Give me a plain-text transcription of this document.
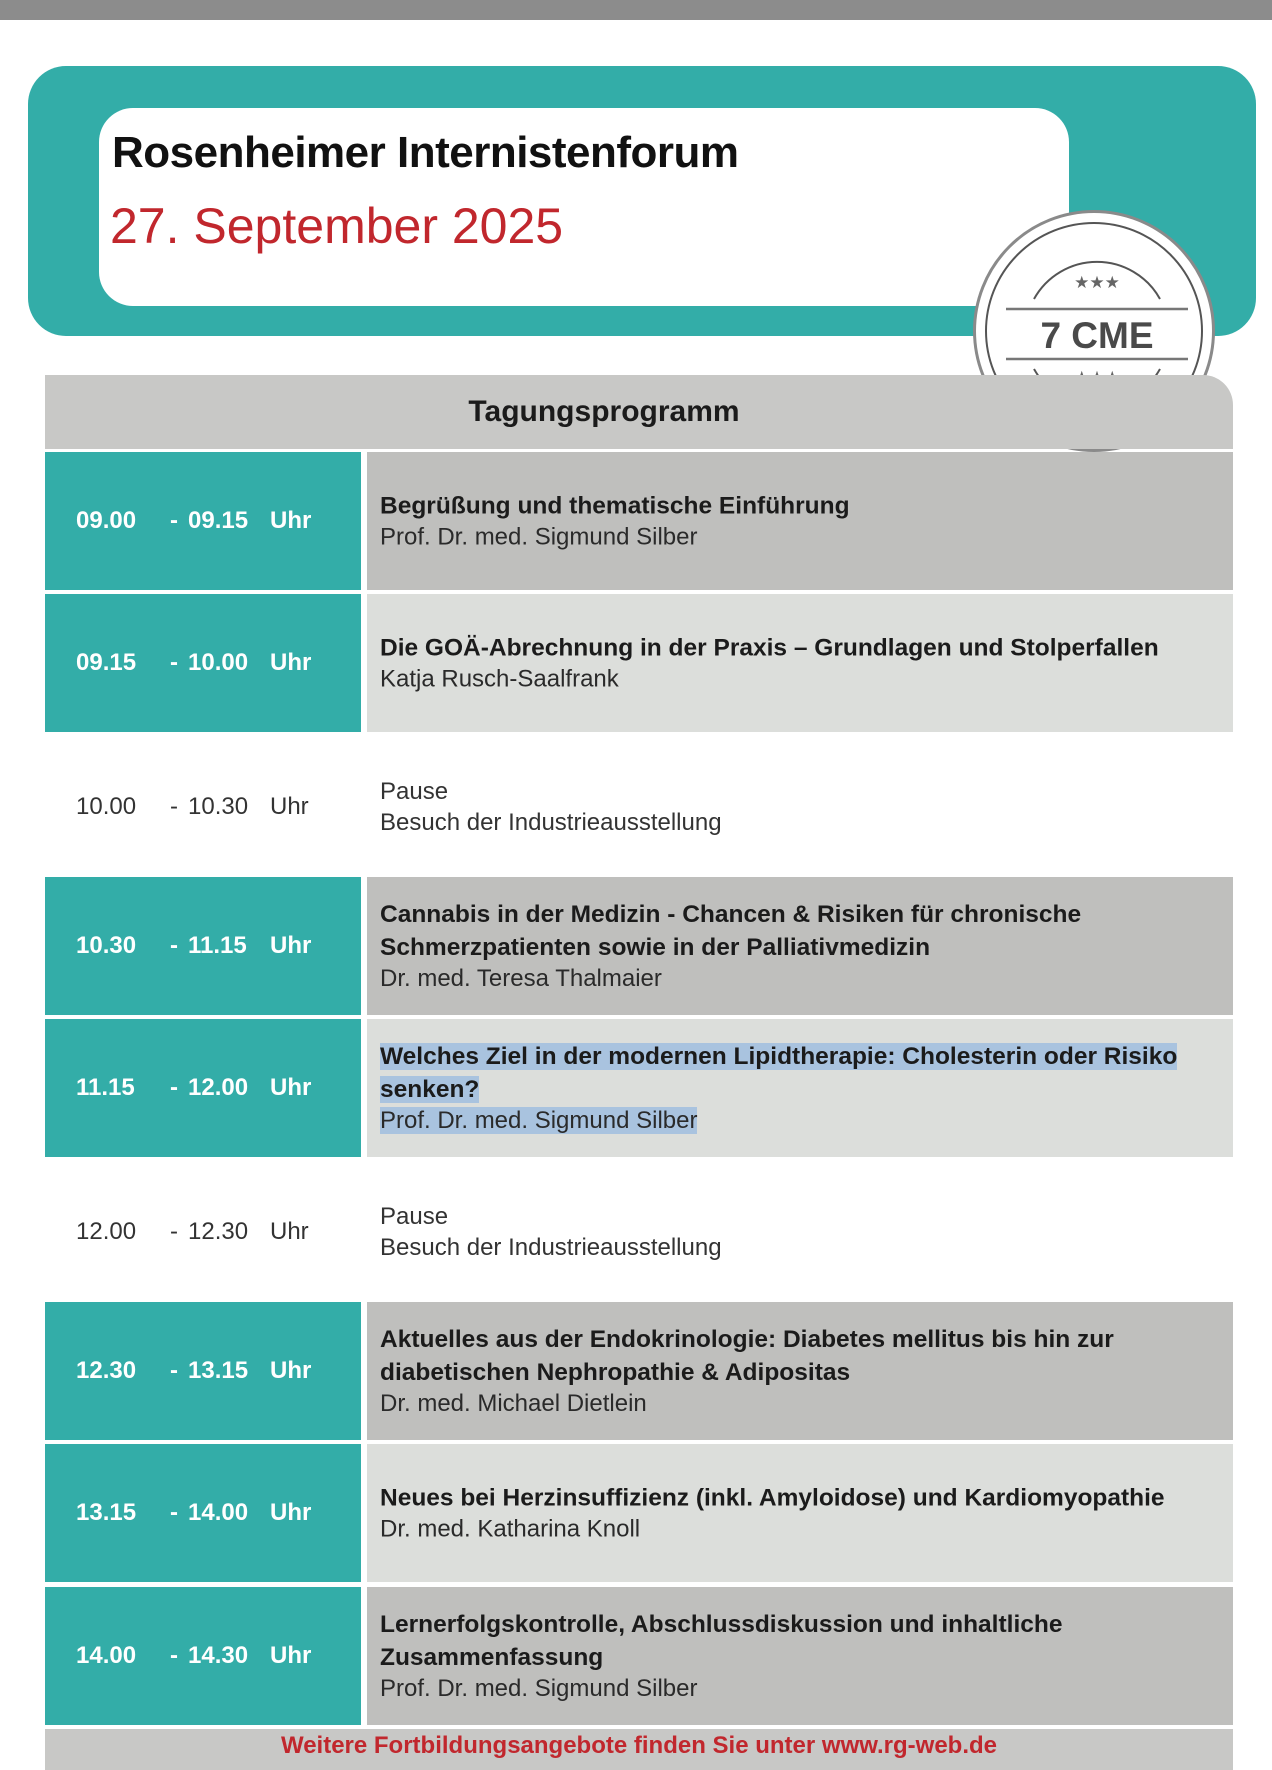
Rosenheimer Internistenforum
27. September 2025
★★★
7 CME
Tagungsprogramm
09.00	- 09.15 Uhr
Begrüßung und thematische Einführung
Prof. Dr. med. Sigmund Silber
09.15	- 10.00 Uhr
Die GOÄ-Abrechnung in der Praxis – Grundlagen und Stolperfallen
Katja Rusch-Saalfrank
10.00	- 10.30 Uhr
Pause
Besuch der Industrieausstellung
10.30	- 11.15 Uhr
Cannabis in der Medizin - Chancen & Risiken für chronische Schmerzpatienten sowie in der Palliativmedizin
Dr. med. Teresa Thalmaier
11.15	- 12.00 Uhr
Welches Ziel in der modernen Lipidtherapie: Cholesterin oder Risiko senken?
Prof. Dr. med. Sigmund Silber
12.00	- 12.30 Uhr
Pause
Besuch der Industrieausstellung
12.30	- 13.15 Uhr
Aktuelles aus der Endokrinologie: Diabetes mellitus bis hin zur diabetischen Nephropathie & Adipositas
Dr. med. Michael Dietlein
13.15	- 14.00 Uhr
Neues bei Herzinsuffizienz (inkl. Amyloidose) und Kardiomyopathie
Dr. med. Katharina Knoll
14.00	- 14.30 Uhr
Lernerfolgskontrolle, Abschlussdiskussion und inhaltliche Zusammenfassung
Prof. Dr. med. Sigmund Silber
Weitere Fortbildungsangebote finden Sie unter www.rg-web.de
